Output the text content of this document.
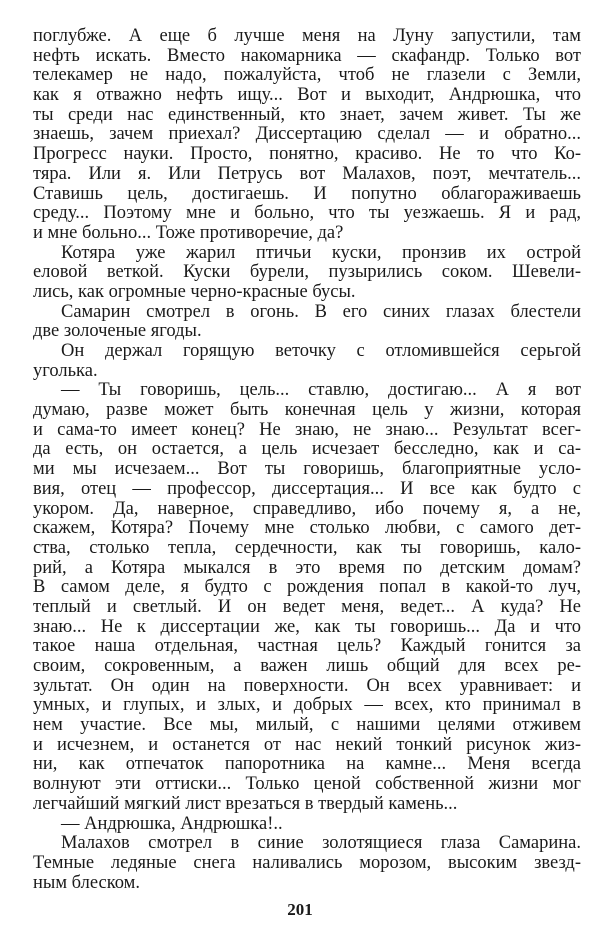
поглубже. А еще б лучше меня на Луну запустили, там
нефть искать. Вместо накомарника — скафандр. Только вот
телекамер не надо, пожалуйста, чтоб не глазели с Земли,
как я отважно нефть ищу... Вот и выходит, Андрюшка, что
ты среди нас единственный, кто знает, зачем живет. Ты же
знаешь, зачем приехал? Диссертацию сделал — и обратно...
Прогресс науки. Просто, понятно, красиво. Не то что Ко-
тяра. Или я. Или Петрусь вот Малахов, поэт, мечтатель...
Ставишь цель, достигаешь. И попутно облагораживаешь
среду... Поэтому мне и больно, что ты уезжаешь. Я и рад,
и мне больно... Тоже противоречие, да?
Котяра уже жарил птичьи куски, пронзив их острой
еловой веткой. Куски бурели, пузырились соком. Шевели-
лись, как огромные черно-красные бусы.
Самарин смотрел в огонь. В его синих глазах блестели
две золоченые ягоды.
Он держал горящую веточку с отломившейся серьгой
уголька.
— Ты говоришь, цель... ставлю, достигаю... А я вот
думаю, разве может быть конечная цель у жизни, которая
и сама-то имеет конец? Не знаю, не знаю... Результат всег-
да есть, он остается, а цель исчезает бесследно, как и са-
ми мы исчезаем... Вот ты говоришь, благоприятные усло-
вия, отец — профессор, диссертация... И все как будто с
укором. Да, наверное, справедливо, ибо почему я, а не,
скажем, Котяра? Почему мне столько любви, с самого дет-
ства, столько тепла, сердечности, как ты говоришь, кало-
рий, а Котяра мыкался в это время по детским домам?
В самом деле, я будто с рождения попал в какой-то луч,
теплый и светлый. И он ведет меня, ведет... А куда? Не
знаю... Не к диссертации же, как ты говоришь... Да и что
такое наша отдельная, частная цель? Каждый гонится за
своим, сокровенным, а важен лишь общий для всех ре-
зультат. Он один на поверхности. Он всех уравнивает: и
умных, и глупых, и злых, и добрых — всех, кто принимал в
нем участие. Все мы, милый, с нашими целями отживем
и исчезнем, и останется от нас некий тонкий рисунок жиз-
ни, как отпечаток папоротника на камне... Меня всегда
волнуют эти оттиски... Только ценой собственной жизни мог
легчайший мягкий лист врезаться в твердый камень...
— Андрюшка, Андрюшка!..
Малахов смотрел в синие золотящиеся глаза Самарина.
Темные ледяные снега наливались морозом, высоким звезд-
ным блеском.
201
